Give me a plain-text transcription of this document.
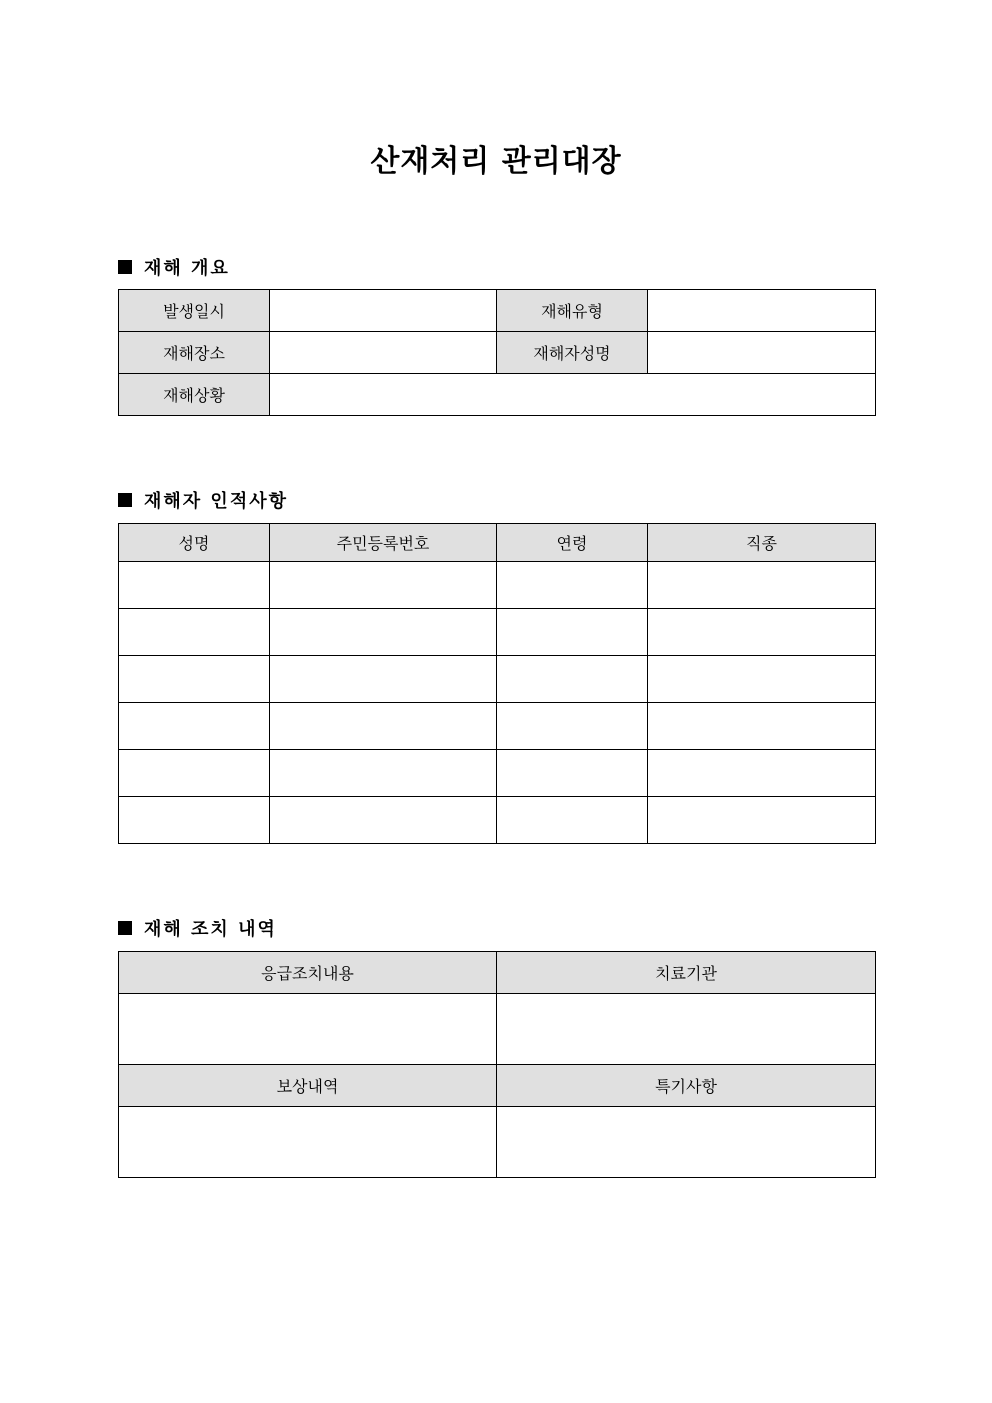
산재처리 관리대장
재해 개요
발생일시		재해유형	
재해장소		재해자성명	
재해상황			
재해자 인적사항
성명	주민등록번호	연령	직종

재해 조치 내역
응급조치내용	치료기관

보상내역	특기사항
